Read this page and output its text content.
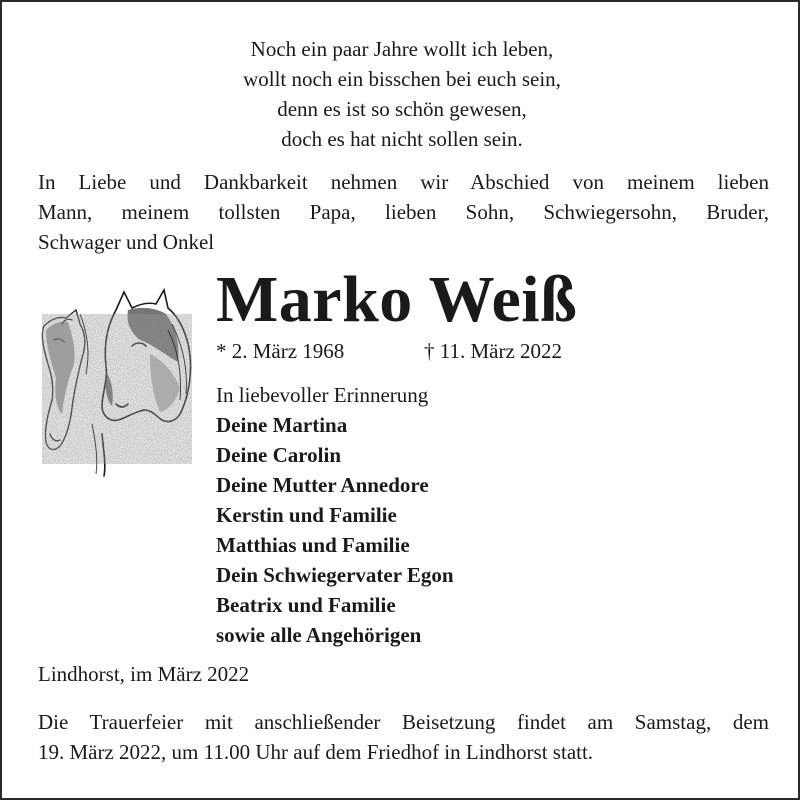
Noch ein paar Jahre wollt ich leben,
wollt noch ein bisschen bei euch sein,
denn es ist so schön gewesen,
doch es hat nicht sollen sein.
In Liebe und Dankbarkeit nehmen wir Abschied von meinem lieben
Mann, meinem tollsten Papa, lieben Sohn, Schwiegersohn, Bruder,
Schwager und Onkel
Marko Weiß
* 2. März 1968	† 11. März 2022
In liebevoller Erinnerung
Deine Martina
Deine Carolin
Deine Mutter Annedore
Kerstin und Familie
Matthias und Familie
Dein Schwiegervater Egon
Beatrix und Familie
sowie alle Angehörigen
Lindhorst, im März 2022
Die Trauerfeier mit anschließender Beisetzung findet am Samstag, dem
19. März 2022, um 11.00 Uhr auf dem Friedhof in Lindhorst statt.
